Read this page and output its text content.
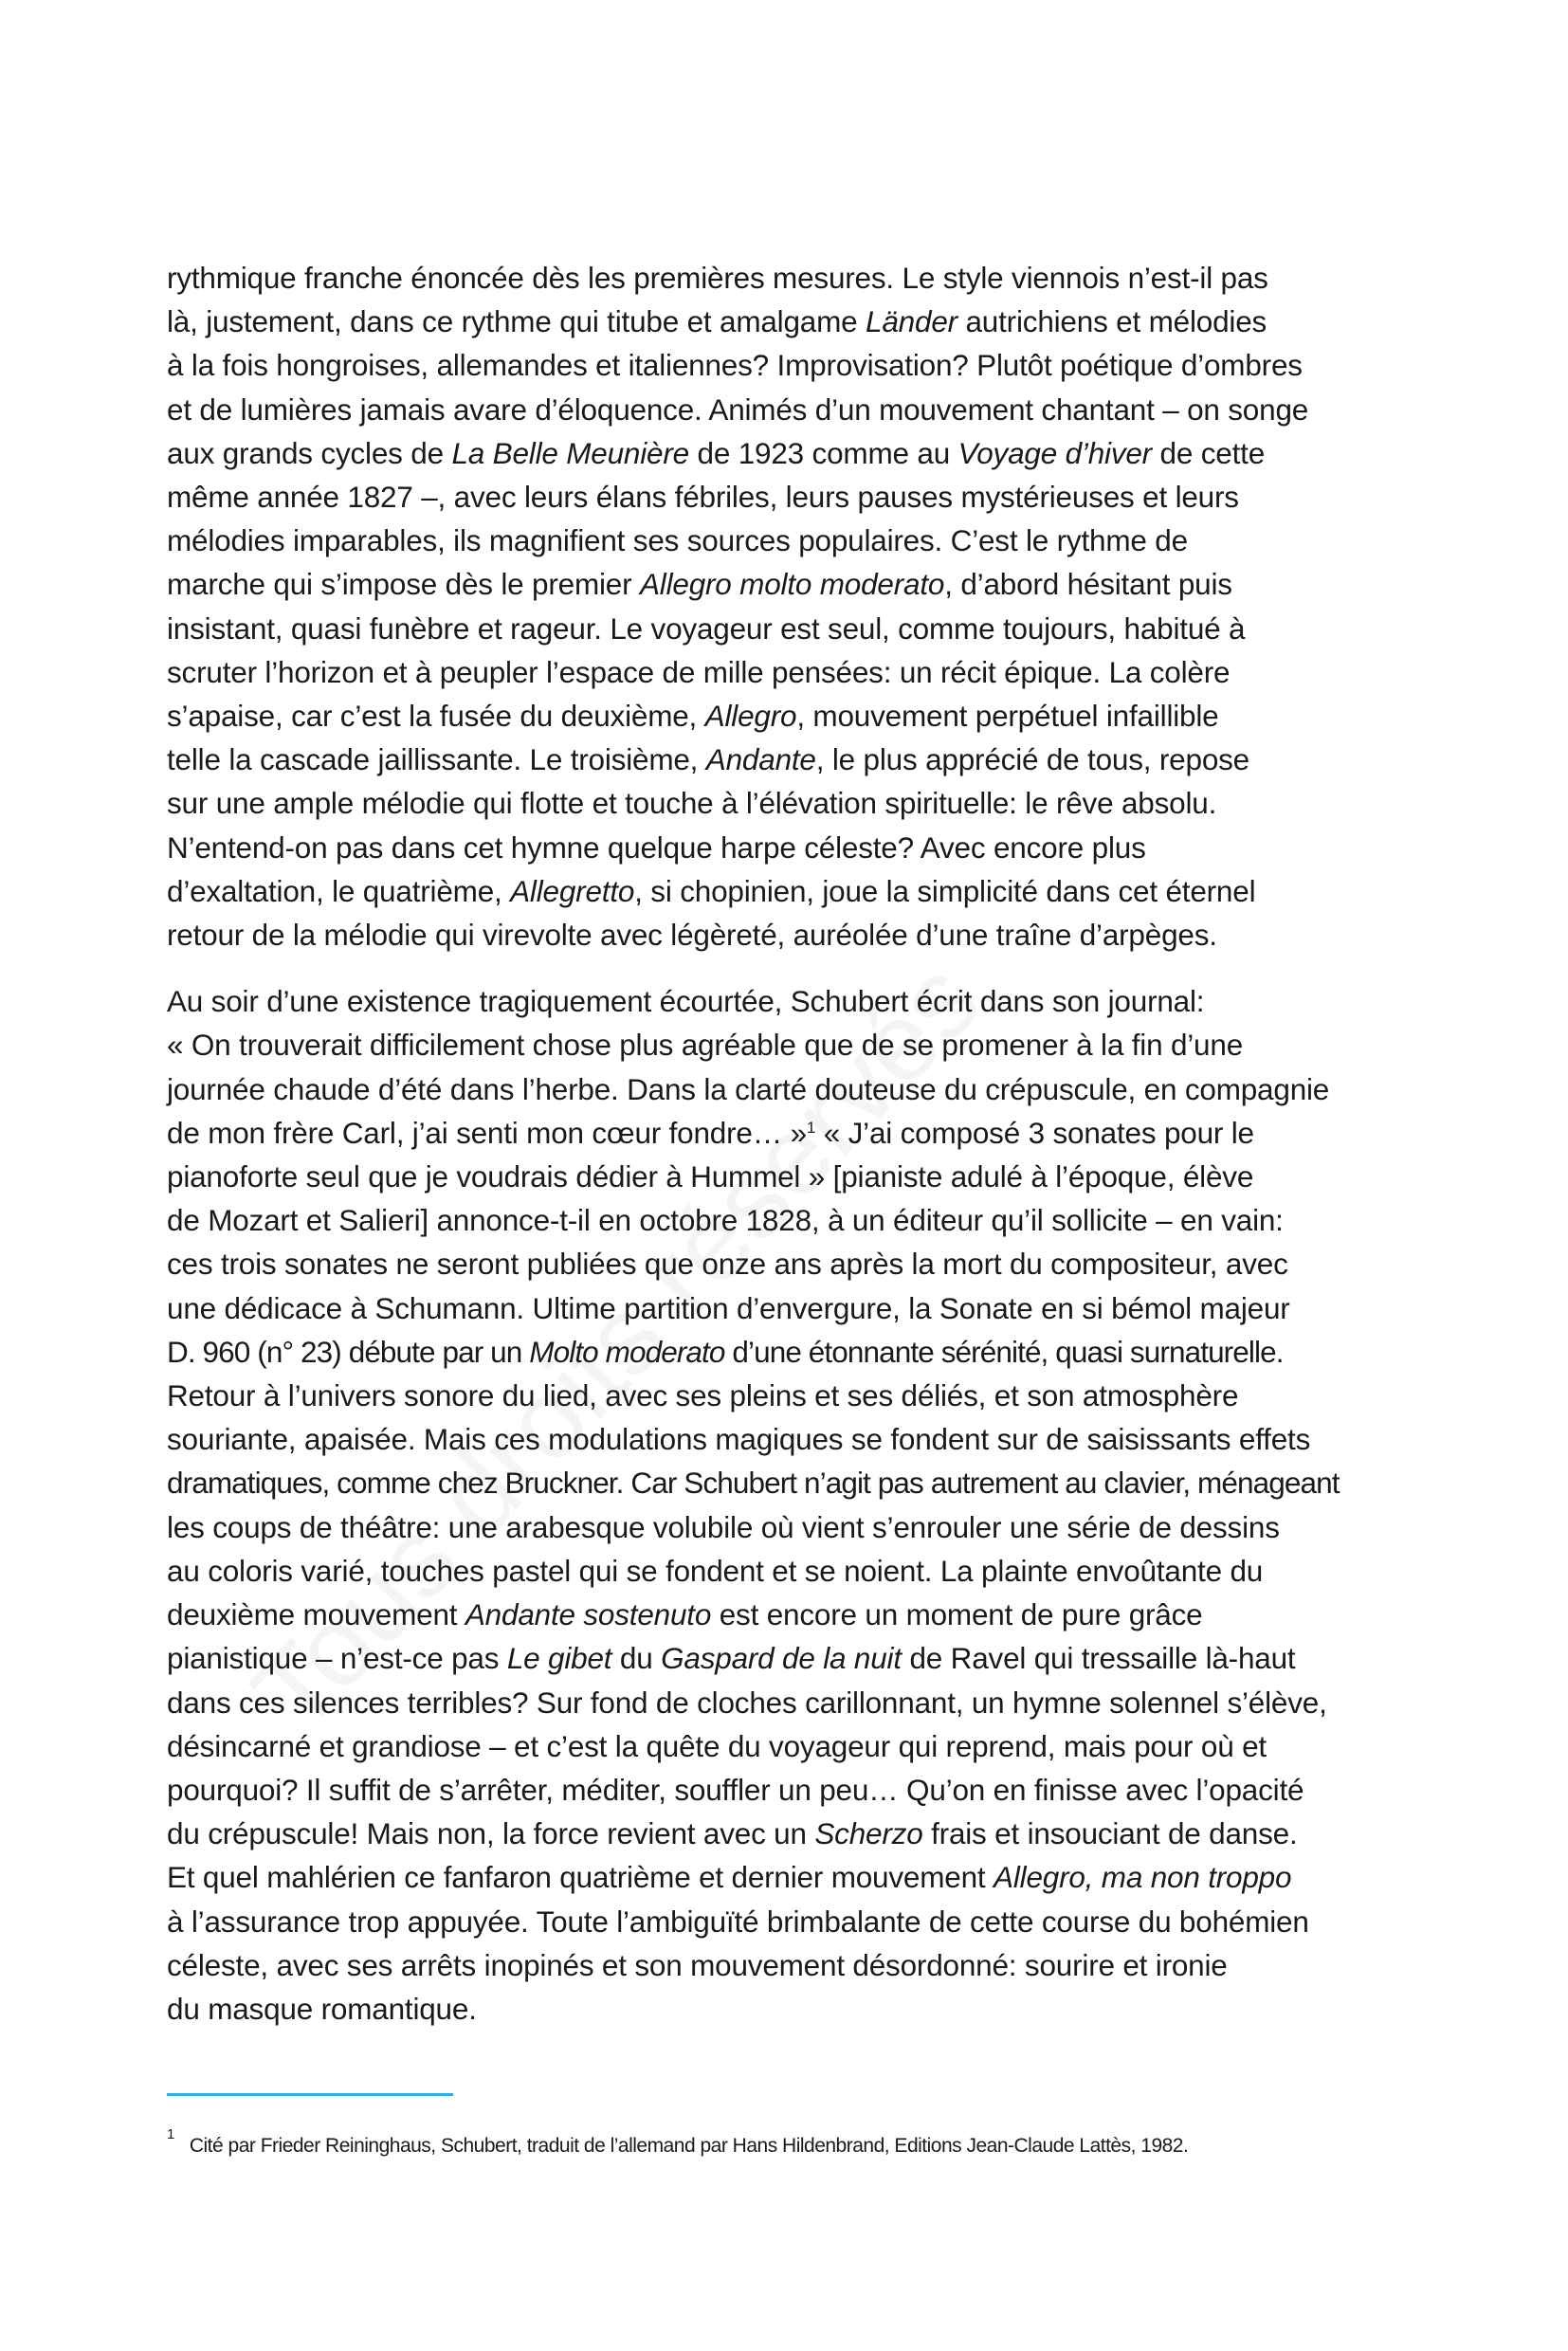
rythmique franche énoncée dès les premières mesures. Le style viennois n’est-il pas
là, justement, dans ce rythme qui titube et amalgame Länder autrichiens et mélodies
à la fois hongroises, allemandes et italiennes? Improvisation? Plutôt poétique d’ombres
et de lumières jamais avare d’éloquence. Animés d’un mouvement chantant – on songe
aux grands cycles de La Belle Meunière de 1923 comme au Voyage d’hiver de cette
même année 1827 –, avec leurs élans fébriles, leurs pauses mystérieuses et leurs
mélodies imparables, ils magnifient ses sources populaires. C’est le rythme de
marche qui s’impose dès le premier Allegro molto moderato, d’abord hésitant puis
insistant, quasi funèbre et rageur. Le voyageur est seul, comme toujours, habitué à
scruter l’horizon et à peupler l’espace de mille pensées: un récit épique. La colère
s’apaise, car c’est la fusée du deuxième, Allegro, mouvement perpétuel infaillible
telle la cascade jaillissante. Le troisième, Andante, le plus apprécié de tous, repose
sur une ample mélodie qui flotte et touche à l’élévation spirituelle: le rêve absolu.
N’entend-on pas dans cet hymne quelque harpe céleste? Avec encore plus
d’exaltation, le quatrième, Allegretto, si chopinien, joue la simplicité dans cet éternel
retour de la mélodie qui virevolte avec légèreté, auréolée d’une traîne d’arpèges.

Au soir d’une existence tragiquement écourtée, Schubert écrit dans son journal:
« On trouverait difficilement chose plus agréable que de se promener à la fin d’une
journée chaude d’été dans l’herbe. Dans la clarté douteuse du crépuscule, en compagnie
de mon frère Carl, j’ai senti mon cœur fondre… »$^1$ « J’ai composé 3 sonates pour le
pianoforte seul que je voudrais dédier à Hummel » [pianiste adulé à l’époque, élève
de Mozart et Salieri] annonce-t-il en octobre 1828, à un éditeur qu’il sollicite – en vain:
ces trois sonates ne seront publiées que onze ans après la mort du compositeur, avec
une dédicace à Schumann. Ultime partition d’envergure, la Sonate en si bémol majeur
D. 960 (n° 23) débute par un Molto moderato d’une étonnante sérénité, quasi surnaturelle.
Retour à l’univers sonore du lied, avec ses pleins et ses déliés, et son atmosphère
souriante, apaisée. Mais ces modulations magiques se fondent sur de saisissants effets
dramatiques, comme chez Bruckner. Car Schubert n’agit pas autrement au clavier, ménageant
les coups de théâtre: une arabesque volubile où vient s’enrouler une série de dessins
au coloris varié, touches pastel qui se fondent et se noient. La plainte envoûtante du
deuxième mouvement Andante sostenuto est encore un moment de pure grâce
pianistique – n’est-ce pas Le gibet du Gaspard de la nuit de Ravel qui tressaille là-haut
dans ces silences terribles? Sur fond de cloches carillonnant, un hymne solennel s’élève,
désincarné et grandiose – et c’est la quête du voyageur qui reprend, mais pour où et
pourquoi? Il suffit de s’arrêter, méditer, souffler un peu… Qu’on en finisse avec l’opacité
du crépuscule! Mais non, la force revient avec un Scherzo frais et insouciant de danse.
Et quel mahlérien ce fanfaron quatrième et dernier mouvement Allegro, ma non troppo
à l’assurance trop appuyée. Toute l’ambiguïté brimbalante de cette course du bohémien
céleste, avec ses arrêts inopinés et son mouvement désordonné: sourire et ironie
du masque romantique.

$^1$Cité par Frieder Reininghaus, Schubert, traduit de l’allemand par Hans Hildenbrand, Editions Jean-Claude Lattès, 1982.
